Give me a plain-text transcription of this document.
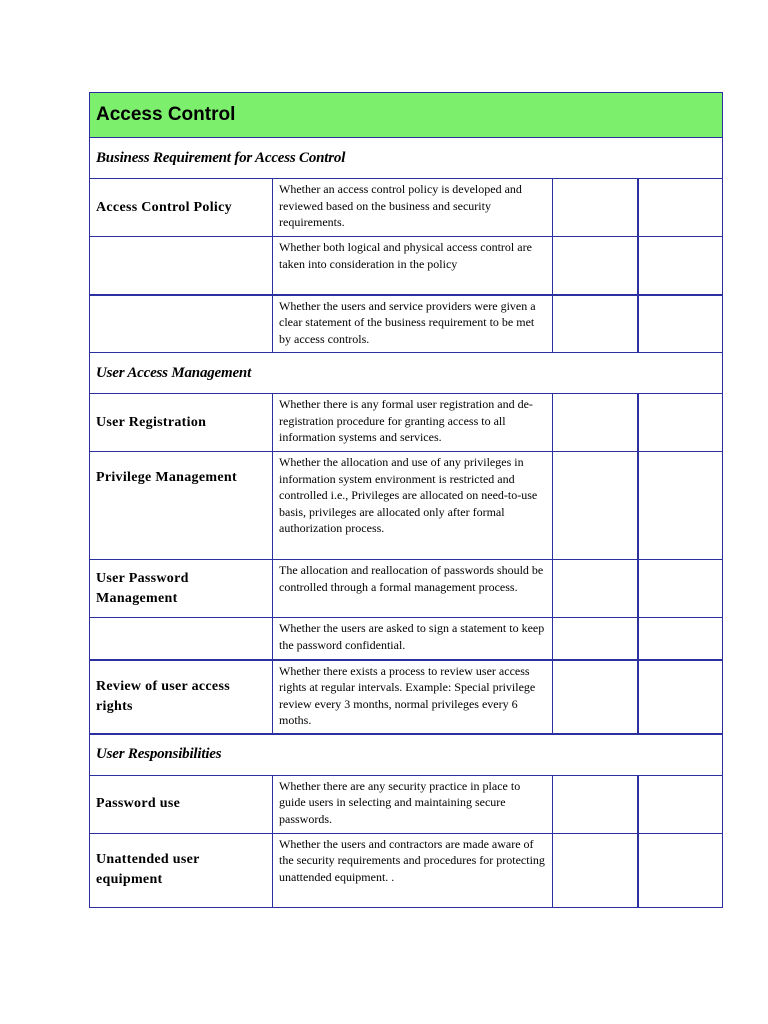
Access Control			
Business Requirement for Access Control			
Access Control Policy	Whether an access control policy is developed and reviewed based on the business and security requirements.		
	Whether both logical and physical access control are taken into consideration in the policy		
	Whether the users and service providers were given a clear statement of the business requirement to be met by access controls.		
User Access Management			
User Registration	Whether there is any formal user registration and de-registration procedure for granting access to all information systems and services.		
Privilege Management	Whether the allocation and use of any privileges in information system environment is restricted and controlled i.e., Privileges are allocated on need-to-use basis, privileges are allocated only after formal authorization process.		
User Password Management	The allocation and reallocation of passwords should be controlled through a formal management process.		
	Whether the users are asked to sign a statement to keep the password confidential.		
Review of user access rights	Whether there exists a process to review user access rights at regular intervals. Example: Special privilege review every 3 months, normal privileges every 6 moths.		
User Responsibilities			
Password use	Whether there are any security practice in place to guide users in selecting and maintaining secure passwords.		
Unattended user equipment	Whether the users and contractors are made aware of the security requirements and procedures for protecting unattended equipment. .		
